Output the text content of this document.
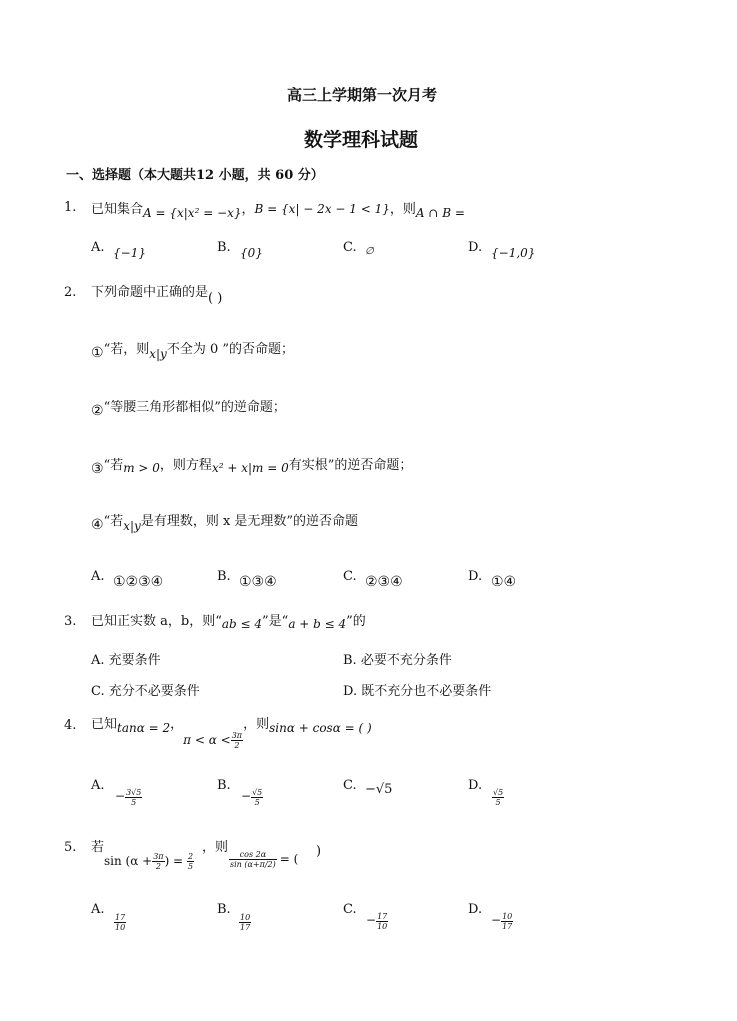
高三上学期第一次月考
数学理科试题
一、选择题（本大题共12 小题，共 60 分）
1. 已知集合A = {x|x² = −x}，B = {x| − 2x − 1 < 1}，则A ∩ B =
A. {−1}	B. {0}	C. ∅	D. {−1,0}
2. 下列命题中正确的是( )
①“若，则x|y不全为 0 ”的否命题；
②“等腰三角形都相似”的逆命题；
③“若m > 0，则方程x² + x|m = 0有实根”的逆否命题；
④“若x|y是有理数，则 x 是无理数”的逆否命题
A. ①②③④	B. ①③④	C. ②③④	D. ①④
3. 已知正实数 a，b，则“ab ≤ 4”是“a + b ≤ 4”的
A. 充要条件	B. 必要不充分条件
C. 充分不必要条件	D. 既不充分也不必要条件
4. 已知tanα = 2，$\pi < \alpha < \frac{3\pi}{2}$
，则sinα + cosα = ( )
A.
− $\frac{3√5}{5}$
B.
− $\frac{√5}{5}$
C. −√5	D.
$\frac{√5}{5}$
5. 若
$\sin (\alpha + \frac{3\pi}{2}$ ) = $\frac{2}{5}$
，则
$\frac{\cos 2\alpha}{\sin (\alpha+\pi/2)}$ = ( )
A.
$\frac{17}{10}$
B.
$\frac{10}{17}$
C.
− $\frac{17}{10}$
D.
− $\frac{10}{17}$
